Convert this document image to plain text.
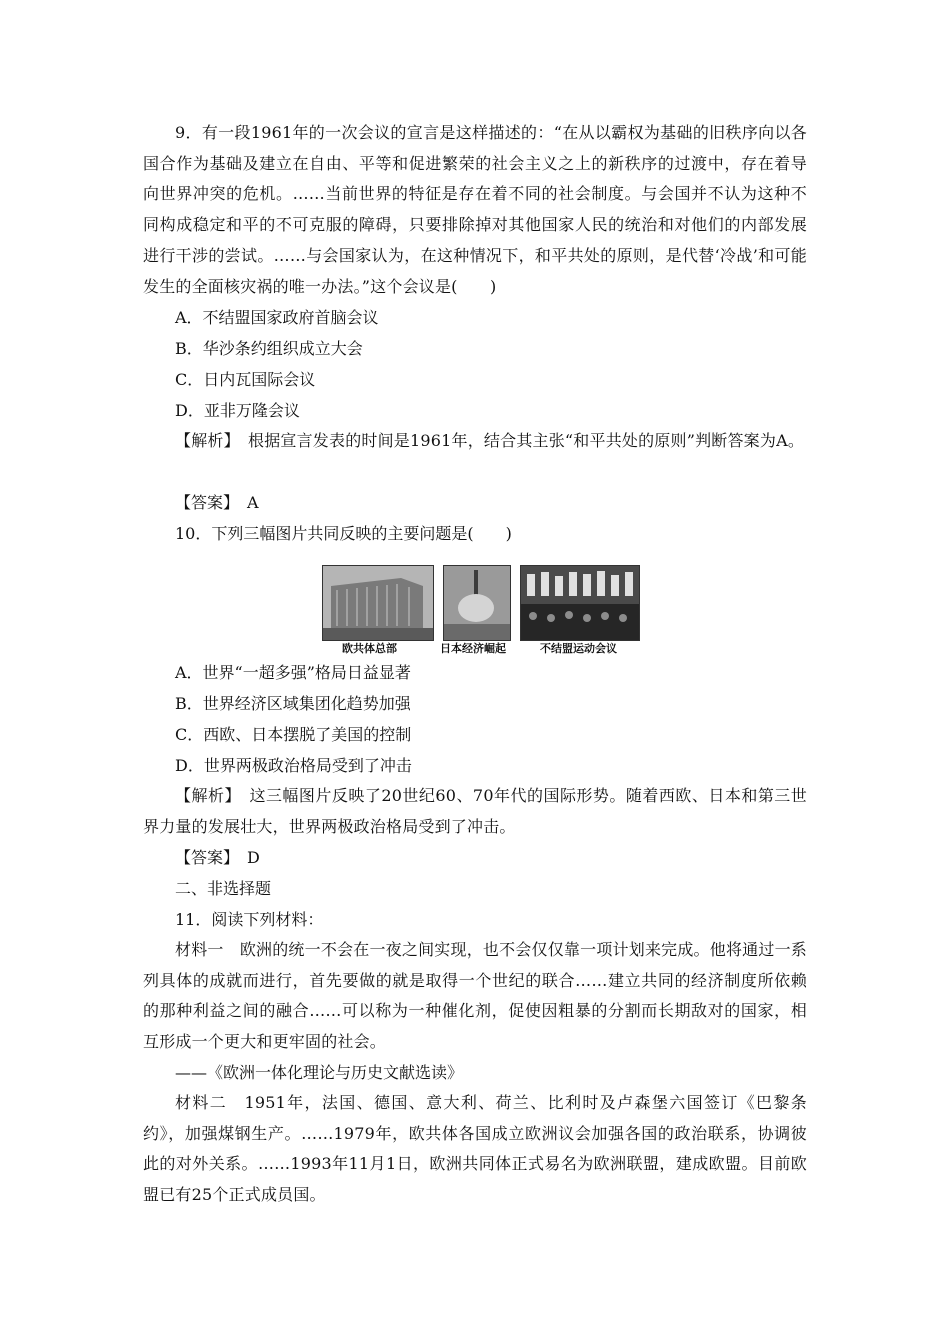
9．有一段1961年的一次会议的宣言是这样描述的：“在从以霸权为基础的旧秩序向以各国合作为基础及建立在自由、平等和促进繁荣的社会主义之上的新秩序的过渡中，存在着导向世界冲突的危机。……当前世界的特征是存在着不同的社会制度。与会国并不认为这种不同构成稳定和平的不可克服的障碍，只要排除掉对其他国家人民的统治和对他们的内部发展进行干涉的尝试。……与会国家认为，在这种情况下，和平共处的原则，是代替‘冷战’和可能发生的全面核灾祸的唯一办法。”这个会议是(　　)
A．不结盟国家政府首脑会议
B．华沙条约组织成立大会
C．日内瓦国际会议
D．亚非万隆会议
【解析】　根据宣言发表的时间是1961年，结合其主张“和平共处的原则”判断答案为A。
【答案】　A
10．下列三幅图片共同反映的主要问题是(　　)
欧共体总部	日本经济崛起	不结盟运动会议
A．世界“一超多强”格局日益显著
B．世界经济区域集团化趋势加强
C．西欧、日本摆脱了美国的控制
D．世界两极政治格局受到了冲击
【解析】　这三幅图片反映了20世纪60、70年代的国际形势。随着西欧、日本和第三世界力量的发展壮大，世界两极政治格局受到了冲击。
【答案】　D
二、非选择题
11．阅读下列材料：
材料一　欧洲的统一不会在一夜之间实现，也不会仅仅靠一项计划来完成。他将通过一系列具体的成就而进行，首先要做的就是取得一个世纪的联合……建立共同的经济制度所依赖的那种利益之间的融合……可以称为一种催化剂，促使因粗暴的分割而长期敌对的国家，相互形成一个更大和更牢固的社会。
——《欧洲一体化理论与历史文献选读》
材料二　1951年，法国、德国、意大利、荷兰、比利时及卢森堡六国签订《巴黎条约》，加强煤钢生产。……1979年，欧共体各国成立欧洲议会加强各国的政治联系，协调彼此的对外关系。……1993年11月1日，欧洲共同体正式易名为欧洲联盟，建成欧盟。目前欧盟已有25个正式成员国。
